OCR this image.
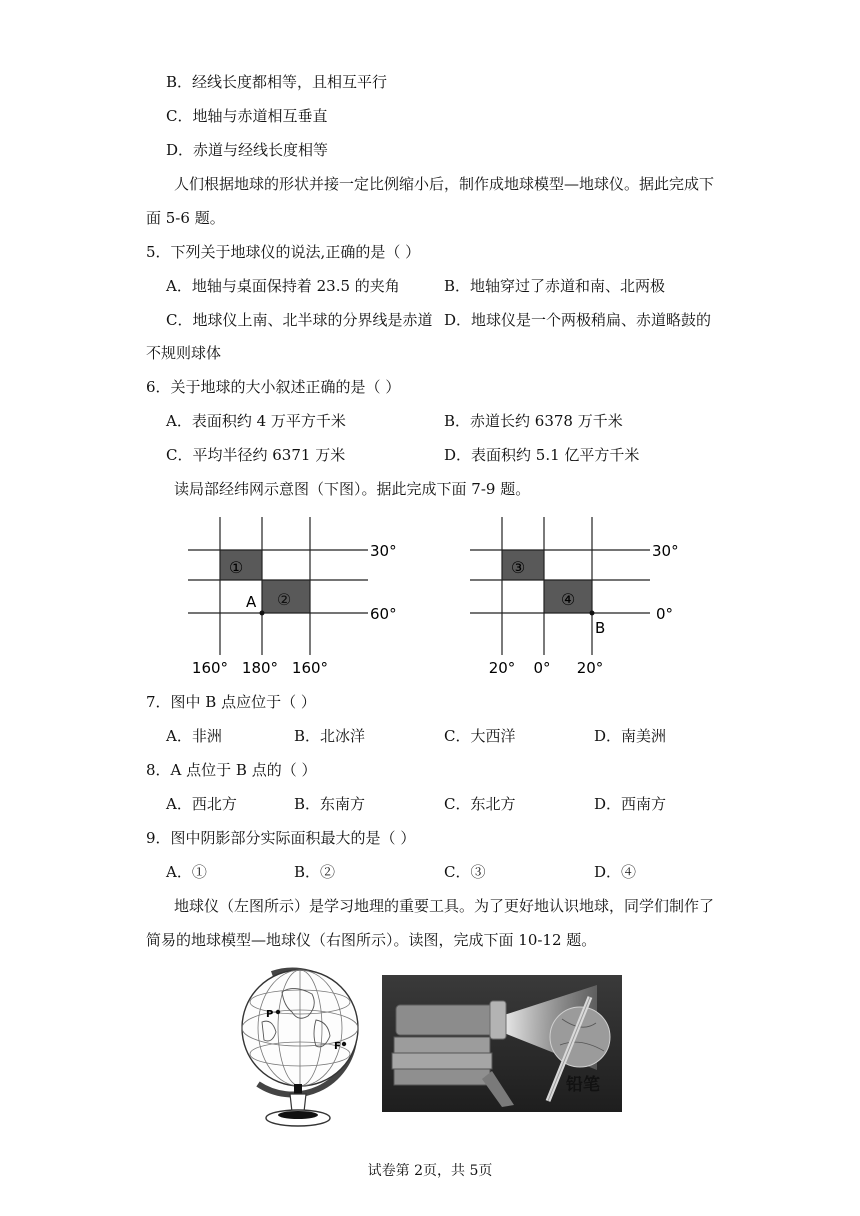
B．经线长度都相等，且相互平行
C．地轴与赤道相互垂直
D．赤道与经线长度相等
人们根据地球的形状并接一定比例缩小后，制作成地球模型—地球仪。据此完成下
面 5-6 题。
5．下列关于地球仪的说法,正确的是（ ）
A．地轴与桌面保持着 23.5 的夹角	B．地轴穿过了赤道和南、北两极
C．地球仪上南、北半球的分界线是赤道 D．地球仪是一个两极稍扁、赤道略鼓的
不规则球体
6．关于地球的大小叙述正确的是（ ）
A．表面积约 4 万平方千米	B．赤道长约 6378 万千米
C．平均半径约 6371 万米	D．表面积约 5.1 亿平方千米
读局部经纬网示意图（下图）。据此完成下面 7-9 题。
①
②
A
30°
60°
160° 180° 160°
③
④
B
30°
0°
20° 0° 20°
7．图中 B 点应位于（ ）
A．非洲	B．北冰洋	C．大西洋	D．南美洲
8．A 点位于 B 点的（ ）
A．西北方	B．东南方	C．东北方	D．西南方
9．图中阴影部分实际面积最大的是（ ）
A．①	B．②	C．③	D．④
地球仪（左图所示）是学习地理的重要工具。为了更好地认识地球，同学们制作了
简易的地球模型—地球仪（右图所示）。读图，完成下面 10-12 题。
P
F
铅笔
试卷第 2页，共 5页
